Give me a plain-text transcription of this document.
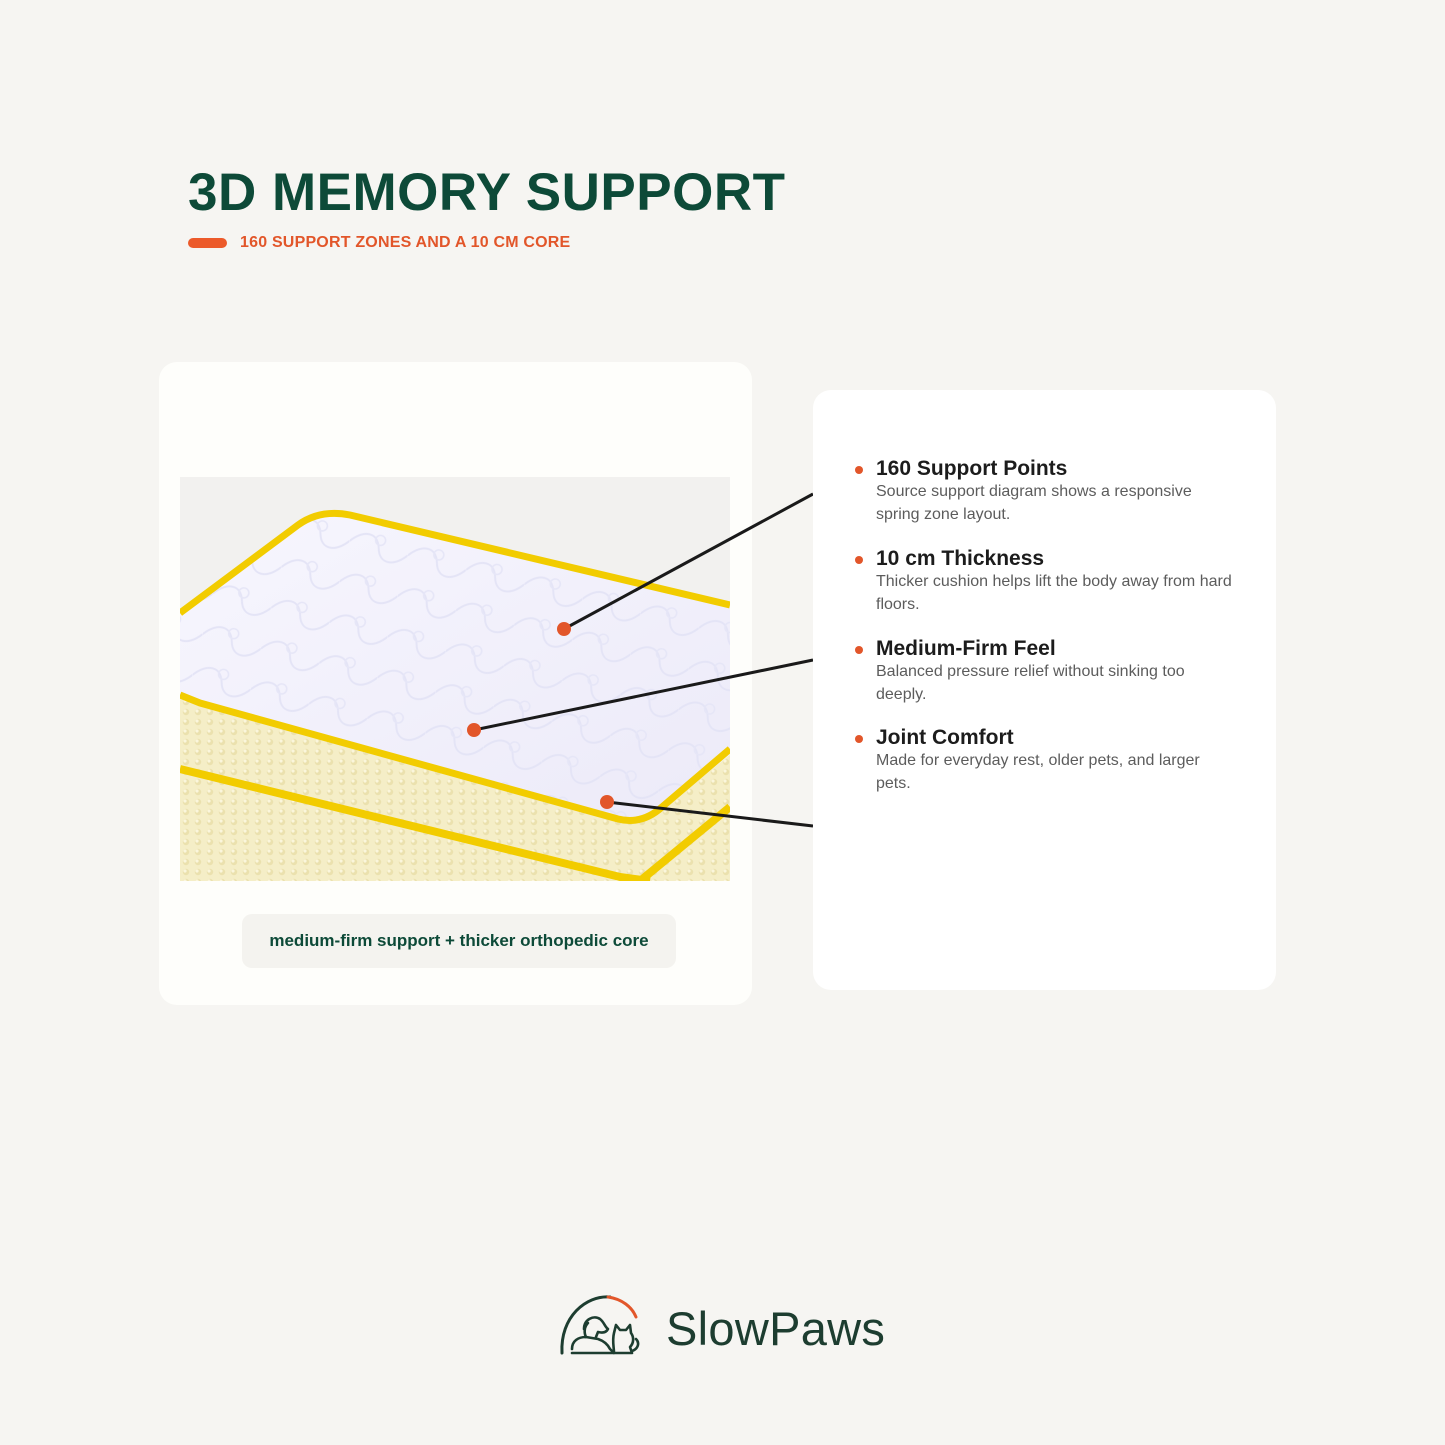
3D MEMORY SUPPORT
160 SUPPORT ZONES AND A 10 CM CORE
medium-firm support + thicker orthopedic core
160 Support Points
Source support diagram shows a responsive spring zone layout.
10 cm Thickness
Thicker cushion helps lift the body away from hard floors.
Medium-Firm Feel
Balanced pressure relief without sinking too deeply.
Joint Comfort
Made for everyday rest, older pets, and larger pets.
SlowPaws
